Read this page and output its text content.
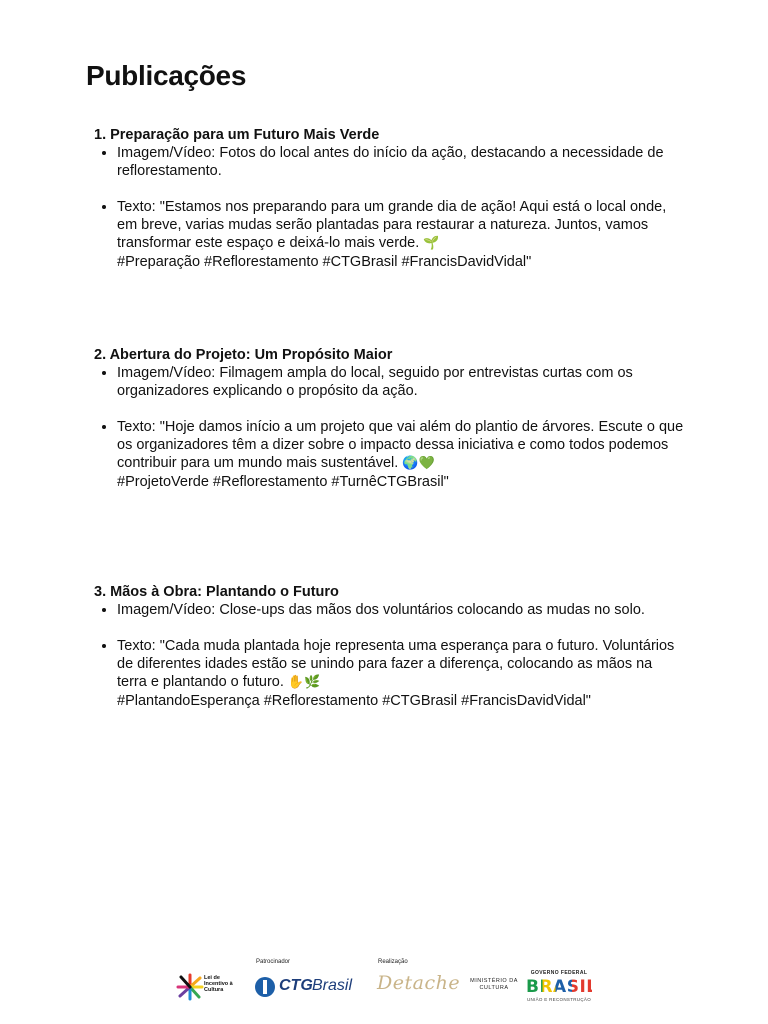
Publicações

1. Preparação para um Futuro Mais Verde

• Imagem/Vídeo: Fotos do local antes do início da ação, destacando a necessidade de reflorestamento.
• Texto: "Estamos nos preparando para um grande dia de ação! Aqui está o local onde, em breve, varias mudas serão plantadas para restaurar a natureza. Juntos, vamos transformar este espaço e deixá-lo mais verde. 🌱
#Preparação #Reflorestamento #CTGBrasil #FrancisDavidVidal"

2. Abertura do Projeto: Um Propósito Maior

• Imagem/Vídeo: Filmagem ampla do local, seguido por entrevistas curtas com os organizadores explicando o propósito da ação.
• Texto: "Hoje damos início a um projeto que vai além do plantio de árvores. Escute o que os organizadores têm a dizer sobre o impacto dessa iniciativa e como todos podemos contribuir para um mundo mais sustentável. 🌍💚
#ProjetoVerde #Reflorestamento #TurnêCTGBrasil"

3. Mãos à Obra: Plantando o Futuro

• Imagem/Vídeo: Close-ups das mãos dos voluntários colocando as mudas no solo.
• Texto: "Cada muda plantada hoje representa uma esperança para o futuro. Voluntários de diferentes idades estão se unindo para fazer a diferença, colocando as mãos na terra e plantando o futuro. ✋🌿
#PlantandoEsperança #Reflorestamento #CTGBrasil #FrancisDavidVidal"
Lei de Incentivo à Cultura
Patrocinador
CTG Brasil
Realização
Detache MINISTÉRIO DA CULTURA
GOVERNO FEDERAL
BRASIL
UNIÃO E RECONSTRUÇÃO
